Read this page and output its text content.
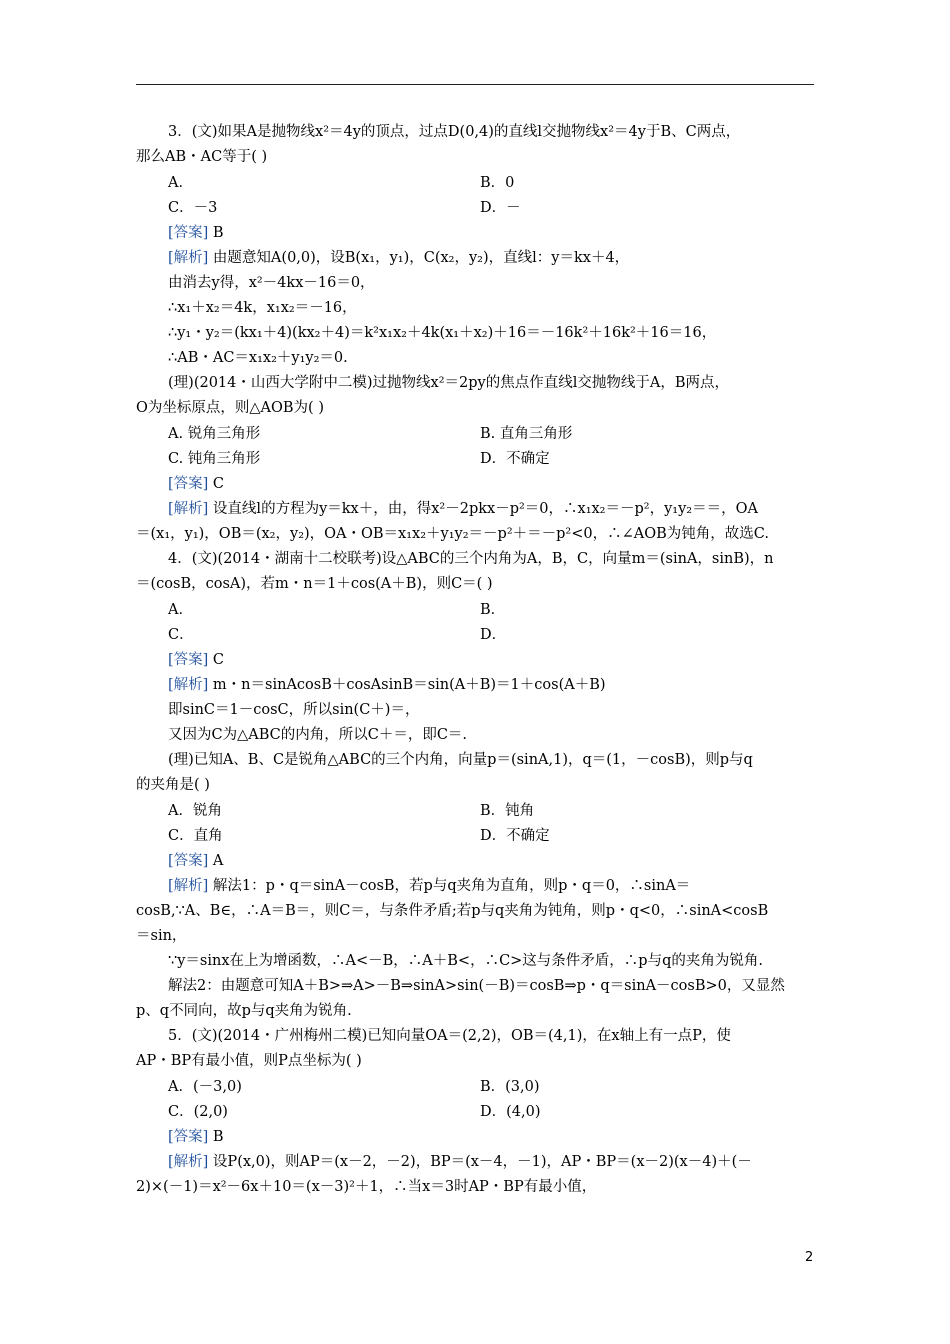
3．(文)如果A是抛物线x²＝4y的顶点，过点D(0,4)的直线l交抛物线x²＝4y于B、C两点，
那么AB・AC等于( )
A．	B．0
C．－3	D．－
[答案] B
[解析] 由题意知A(0,0)，设B(x₁，y₁)，C(x₂，y₂)，直线l：y＝kx＋4，
由消去y得，x²－4kx－16＝0，
∴x₁＋x₂＝4k，x₁x₂＝－16，
∴y₁・y₂＝(kx₁＋4)(kx₂＋4)＝k²x₁x₂＋4k(x₁＋x₂)＋16＝－16k²＋16k²＋16＝16，
∴AB・AC＝x₁x₂＋y₁y₂＝0.
(理)(2014・山西大学附中二模)过抛物线x²＝2py的焦点作直线l交抛物线于A，B两点，
O为坐标原点，则△AOB为( )
A. 锐角三角形	B. 直角三角形
C. 钝角三角形	D．不确定
[答案] C
[解析] 设直线l的方程为y＝kx＋，由，得x²－2pkx－p²＝0，∴x₁x₂＝－p²，y₁y₂＝＝，OA
＝(x₁，y₁)，OB＝(x₂，y₂)，OA・OB＝x₁x₂＋y₁y₂＝－p²＋＝－p²<0，∴∠AOB为钝角，故选C.
4．(文)(2014・湖南十二校联考)设△ABC的三个内角为A，B，C，向量m＝(sinA，sinB)，n
＝(cosB，cosA)，若m・n＝1＋cos(A＋B)，则C＝( )
A．	B．
C．	D．
[答案] C
[解析] m・n＝sinAcosB＋cosAsinB＝sin(A＋B)＝1＋cos(A＋B)
即sinC＝1－cosC，所以sin(C＋)＝，
又因为C为△ABC的内角，所以C＋＝，即C＝.
(理)已知A、B、C是锐角△ABC的三个内角，向量p＝(sinA,1)，q＝(1，－cosB)，则p与q
的夹角是( )
A．锐角	B．钝角
C．直角	D．不确定
[答案] A
[解析] 解法1：p・q＝sinA－cosB，若p与q夹角为直角，则p・q＝0，∴sinA＝
cosB,∵A、B∈，∴A＝B＝，则C＝，与条件矛盾;若p与q夹角为钝角，则p・q<0，∴sinA<cosB
＝sin，
∵y＝sinx在上为增函数，∴A<－B，∴A＋B<，∴C>这与条件矛盾，∴p与q的夹角为锐角.
解法2：由题意可知A＋B>⇒A>－B⇒sinA>sin(－B)＝cosB⇒p・q＝sinA－cosB>0，又显然
p、q不同向，故p与q夹角为锐角.
5．(文)(2014・广州梅州二模)已知向量OA＝(2,2)，OB＝(4,1)，在x轴上有一点P，使
AP・BP有最小值，则P点坐标为( )
A．(－3,0)	B．(3,0)
C．(2,0)	D．(4,0)
[答案] B
[解析] 设P(x,0)，则AP＝(x－2，－2)，BP＝(x－4，－1)，AP・BP＝(x－2)(x－4)＋(－
2)×(－1)＝x²－6x＋10＝(x－3)²＋1，∴当x＝3时AP・BP有最小值，
2
